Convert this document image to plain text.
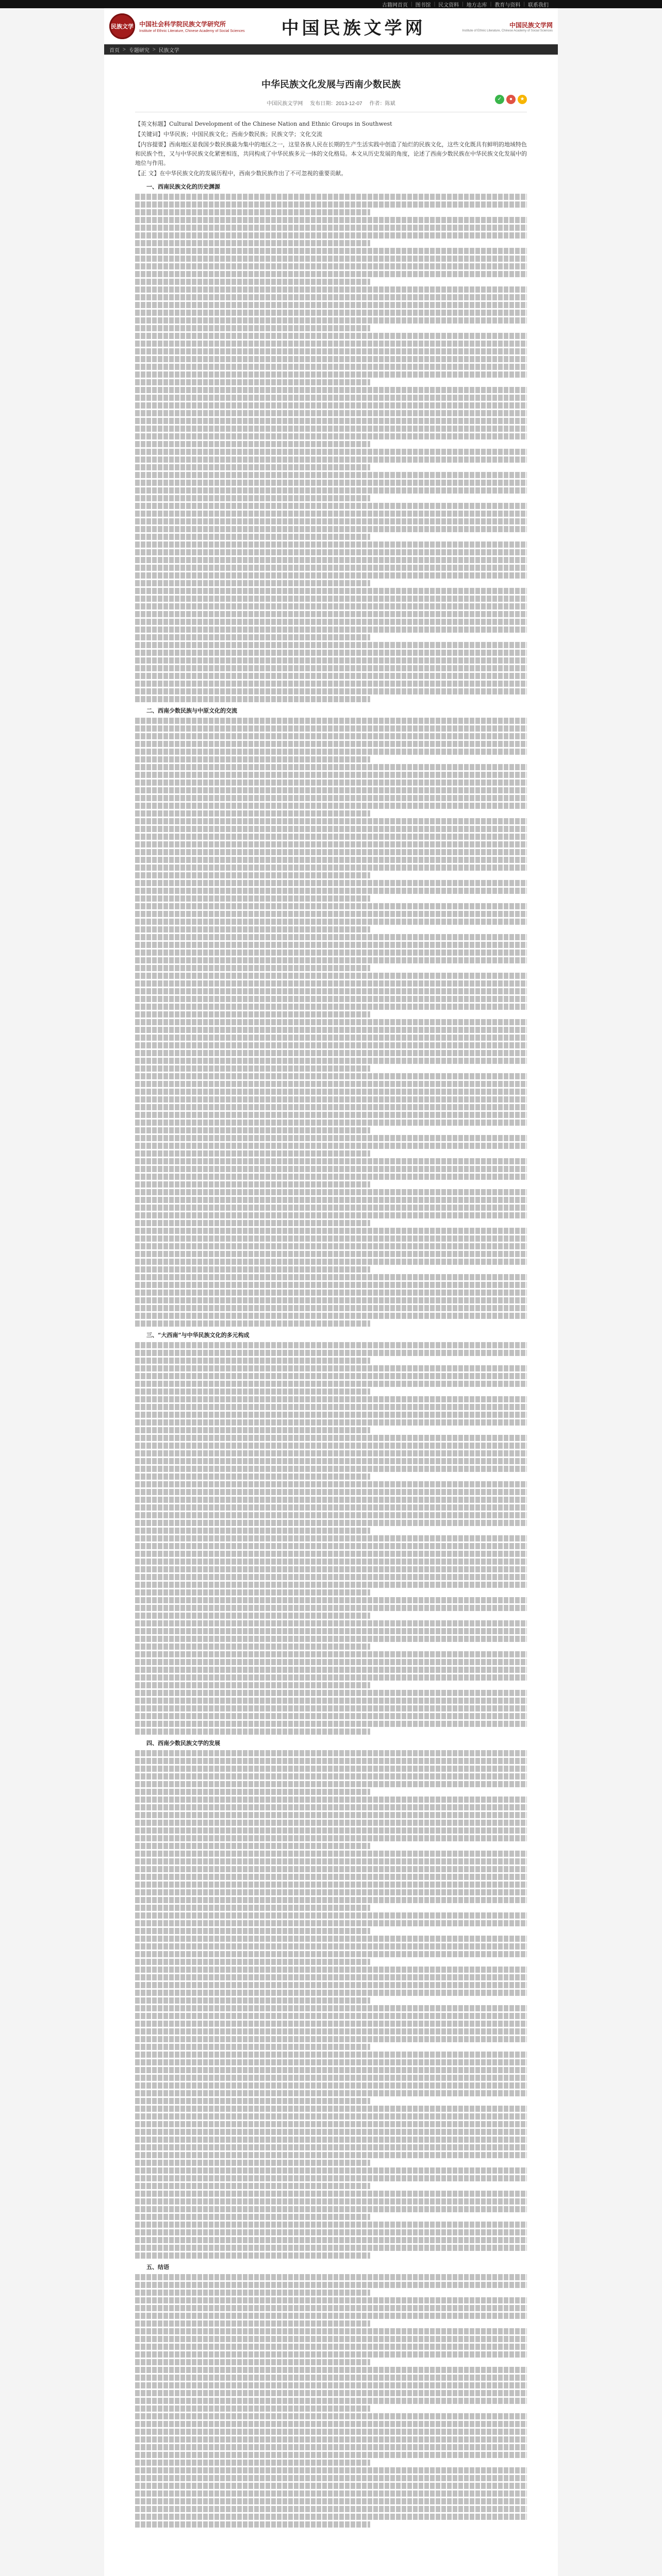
古籍网首页 | 图书馆 | 民文资料 | 地方志库 | 教育与资料 | 联系我们
民族文学 中国社会科学院民族文学研究所
Institute of Ethnic Literature, Chinese Academy of Social Sciences 中国民族文学网	中国民族文学网
Institute of Ethnic Literature, Chinese Academy of Social Sciences
首页 > 专题研究 > 民族文学
中华民族文化发展与西南少数民族
中国民族文学网 发布日期：2013-12-07 作者：陈斌
✓	●	★

【英文标题】Cultural Development of the Chinese Nation and Ethnic Groups in Southwest

【关键词】中华民族；中国民族文化；西南少数民族；民族文学；文化交流

【内容提要】西南地区是我国少数民族最为集中的地区之一，这里各族人民在长期的生产生活实践中创造了灿烂的民族文化，这些文化既具有鲜明的地域特色和民族个性，又与中华民族文化紧密相连，共同构成了中华民族多元一体的文化格局。本文从历史发展的角度，论述了西南少数民族在中华民族文化发展中的地位与作用。

【正 文】在中华民族文化的发展历程中，西南少数民族作出了不可忽视的重要贡献。

一、西南民族文化的历史渊源

二、西南少数民族与中原文化的交流

三、“大西南”与中华民族文化的多元构成

四、西南少数民族文学的发展

五、结语
